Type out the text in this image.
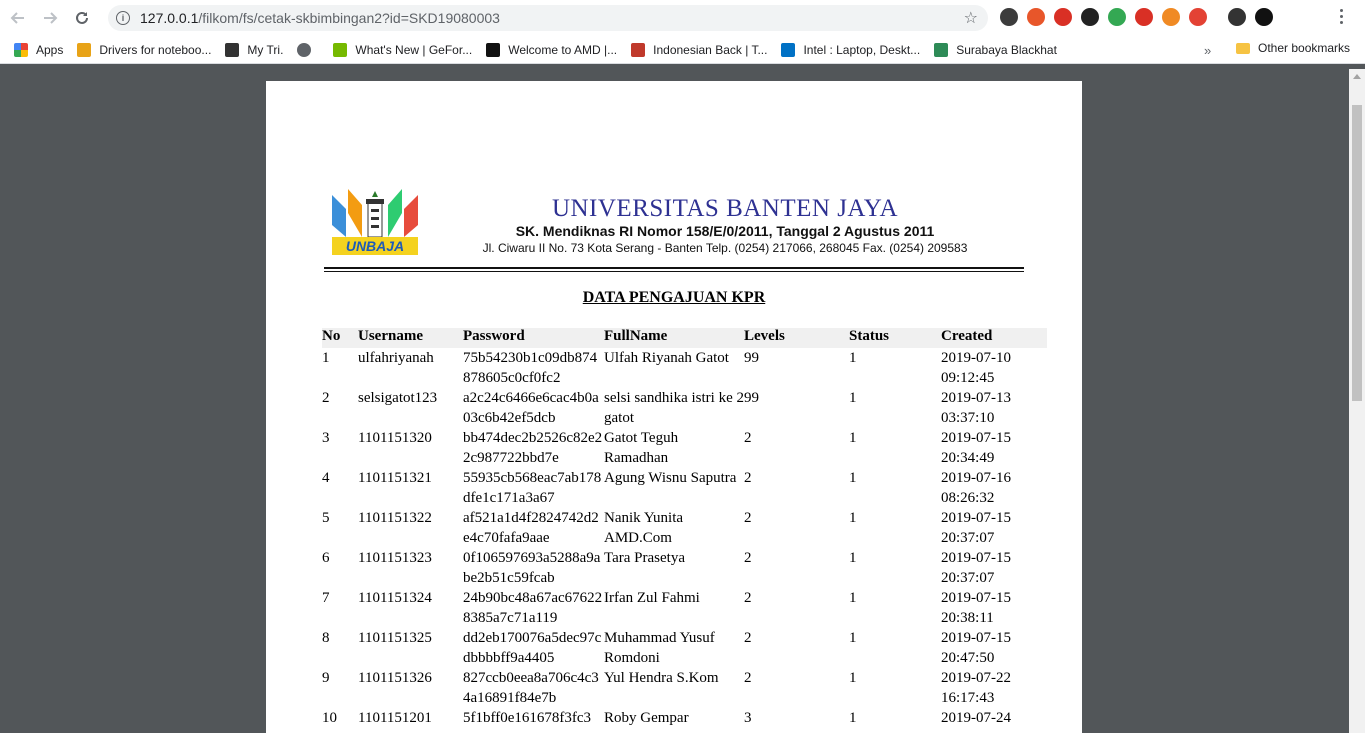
i	127.0.0.1/filkom/fs/cetak-skbimbingan2?id=SKD19080003	☆
Apps	Drivers for noteboo...	My Tri.	What's New | GeFor...	Welcome to AMD |...	Indonesian Back | T...	Intel : Laptop, Deskt...	Surabaya Blackhat	»	Other bookmarks
UNBAJA
UNIVERSITAS BANTEN JAYA
SK. Mendiknas RI Nomor 158/E/0/2011, Tanggal 2 Agustus 2011
Jl. Ciwaru II No. 73 Kota Serang - Banten Telp. (0254) 217066, 268045 Fax. (0254) 209583
DATA PENGAJUAN KPR
No	Username	Password	FullName	Levels	Status	Created
1	ulfahriyanah	75b54230b1c09db874878605c0cf0fc2	Ulfah Riyanah Gatot	99	1	2019-07-10 09:12:45
2	selsigatot123	a2c24c6466e6cac4b0a03c6b42ef5dcb	selsi sandhika istri ke 2 gatot	99	1	2019-07-13 03:37:10
3	1101151320	bb474dec2b2526c82e22c987722bbd7e	Gatot Teguh Ramadhan	2	1	2019-07-15 20:34:49
4	1101151321	55935cb568eac7ab178dfe1c171a3a67	Agung Wisnu Saputra	2	1	2019-07-16 08:26:32
5	1101151322	af521a1d4f2824742d2e4c70fafa9aae	Nanik Yunita AMD.Com	2	1	2019-07-15 20:37:07
6	1101151323	0f106597693a5288a9abe2b51c59fcab	Tara Prasetya	2	1	2019-07-15 20:37:07
7	1101151324	24b90bc48a67ac676228385a7c71a119	Irfan Zul Fahmi	2	1	2019-07-15 20:38:11
8	1101151325	dd2eb170076a5dec97cdbbbbff9a4405	Muhammad Yusuf Romdoni	2	1	2019-07-15 20:47:50
9	1101151326	827ccb0eea8a706c4c34a16891f84e7b	Yul Hendra S.Kom	2	1	2019-07-22 16:17:43
10	1101151201	5f1bff0e161678f3fc3	Roby Gempar	3	1	2019-07-24
